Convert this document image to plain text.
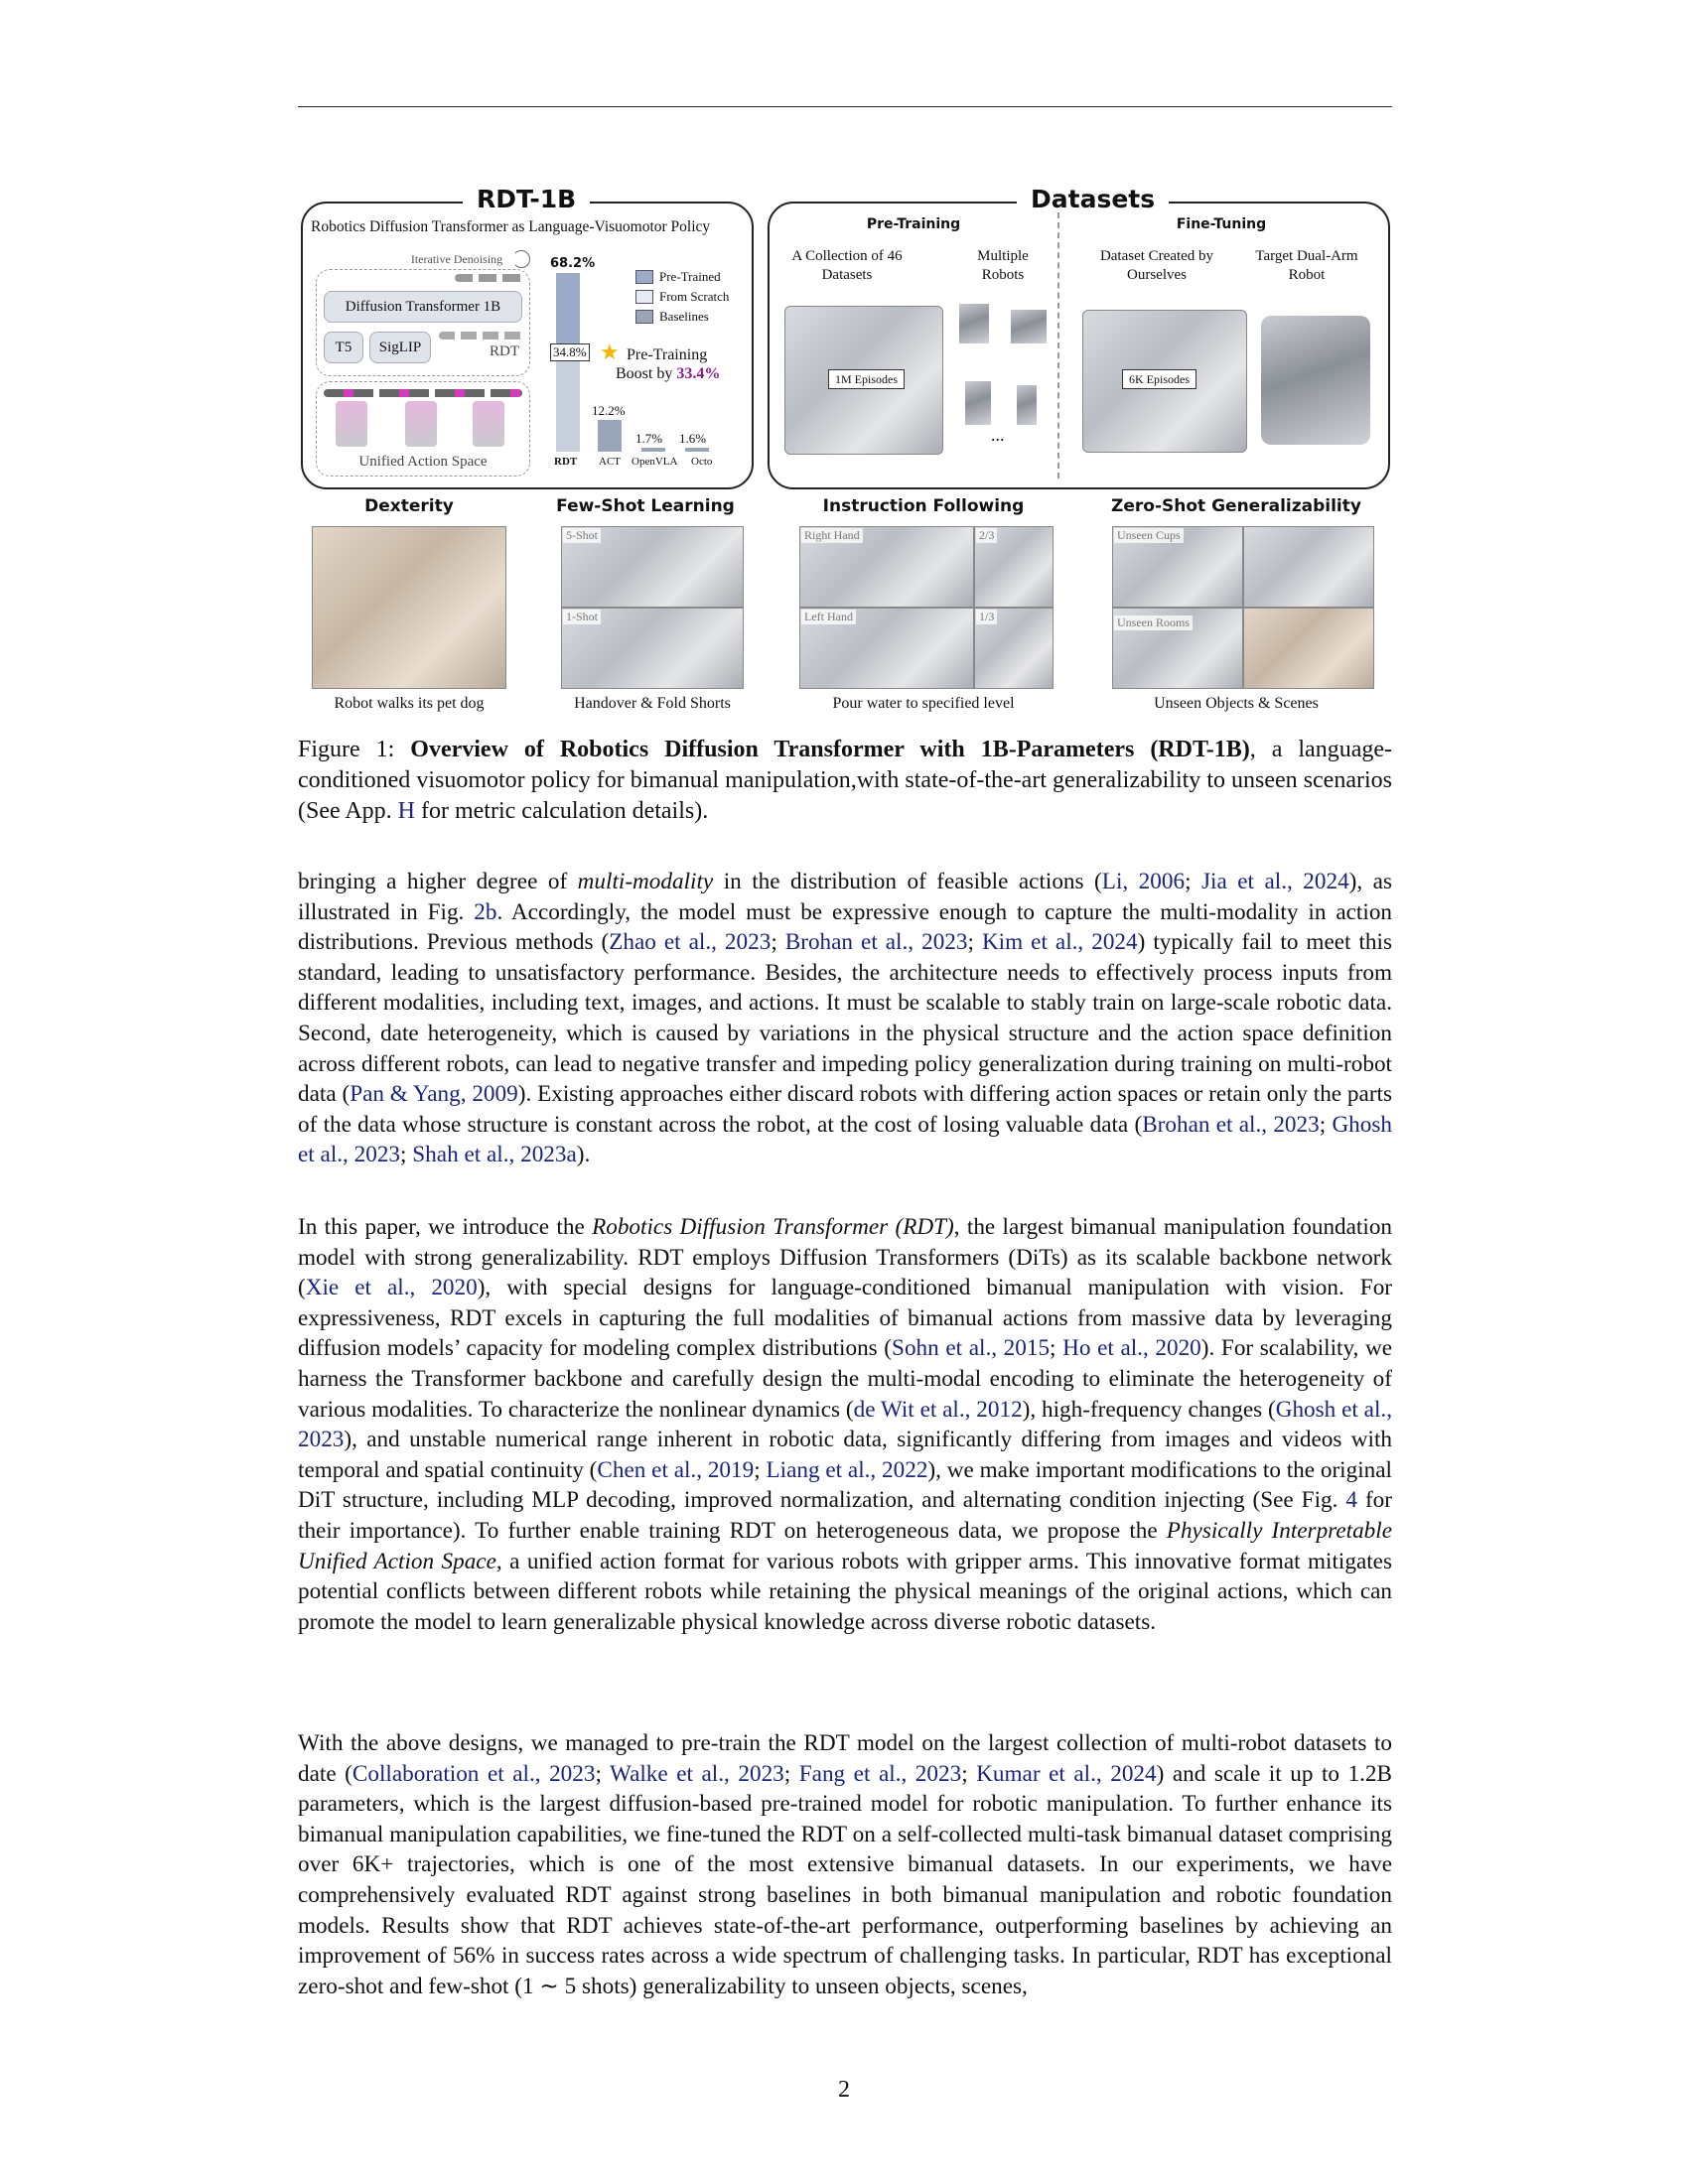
RDT-1B
Robotics Diffusion Transformer as Language-Visuomotor Policy
Iterative Denoising
Diffusion Transformer 1B
T5	SigLIP	RDT
Unified Action Space
68.2%
34.8%
12.2%
1.7% 1.6%
RDT ACT OpenVLA Octo
Pre-Trained
From Scratch
Baselines
★ Pre-Training
Boost by 33.4%
Datasets
Pre-Training	Fine-Tuning
A Collection of 46 Datasets
Multiple Robots
Dataset Created by Ourselves
Target Dual-Arm Robot
1M Episodes
...
6K Episodes
Dexterity	Few-Shot Learning	Instruction Following	Zero-Shot Generalizability
5-Shot
1-Shot
Right Hand
Left Hand
2/3
1/3
Unseen Cups
Unseen Rooms
Robot walks its pet dog	Handover & Fold Shorts	Pour water to specified level	Unseen Objects & Scenes
Figure 1: Overview of Robotics Diffusion Transformer with 1B-Parameters (RDT-1B), a language-conditioned visuomotor policy for bimanual manipulation,with state-of-the-art generalizability to unseen scenarios (See App. H for metric calculation details).
bringing a higher degree of multi-modality in the distribution of feasible actions (Li, 2006; Jia et al., 2024), as illustrated in Fig. 2b. Accordingly, the model must be expressive enough to capture the multi-modality in action distributions. Previous methods (Zhao et al., 2023; Brohan et al., 2023; Kim et al., 2024) typically fail to meet this standard, leading to unsatisfactory performance. Besides, the architecture needs to effectively process inputs from different modalities, including text, images, and actions. It must be scalable to stably train on large-scale robotic data. Second, date heterogeneity, which is caused by variations in the physical structure and the action space definition across different robots, can lead to negative transfer and impeding policy generalization during training on multi-robot data (Pan & Yang, 2009). Existing approaches either discard robots with differing action spaces or retain only the parts of the data whose structure is constant across the robot, at the cost of losing valuable data (Brohan et al., 2023; Ghosh et al., 2023; Shah et al., 2023a).
In this paper, we introduce the Robotics Diffusion Transformer (RDT), the largest bimanual manipulation foundation model with strong generalizability. RDT employs Diffusion Transformers (DiTs) as its scalable backbone network (Xie et al., 2020), with special designs for language-conditioned bimanual manipulation with vision. For expressiveness, RDT excels in capturing the full modalities of bimanual actions from massive data by leveraging diffusion models’ capacity for modeling complex distributions (Sohn et al., 2015; Ho et al., 2020). For scalability, we harness the Transformer backbone and carefully design the multi-modal encoding to eliminate the heterogeneity of various modalities. To characterize the nonlinear dynamics (de Wit et al., 2012), high-frequency changes (Ghosh et al., 2023), and unstable numerical range inherent in robotic data, significantly differing from images and videos with temporal and spatial continuity (Chen et al., 2019; Liang et al., 2022), we make important modifications to the original DiT structure, including MLP decoding, improved normalization, and alternating condition injecting (See Fig. 4 for their importance). To further enable training RDT on heterogeneous data, we propose the Physically Interpretable Unified Action Space, a unified action format for various robots with gripper arms. This innovative format mitigates potential conflicts between different robots while retaining the physical meanings of the original actions, which can promote the model to learn generalizable physical knowledge across diverse robotic datasets.
With the above designs, we managed to pre-train the RDT model on the largest collection of multi-robot datasets to date (Collaboration et al., 2023; Walke et al., 2023; Fang et al., 2023; Kumar et al., 2024) and scale it up to 1.2B parameters, which is the largest diffusion-based pre-trained model for robotic manipulation. To further enhance its bimanual manipulation capabilities, we fine-tuned the RDT on a self-collected multi-task bimanual dataset comprising over 6K+ trajectories, which is one of the most extensive bimanual datasets. In our experiments, we have comprehensively evaluated RDT against strong baselines in both bimanual manipulation and robotic foundation models. Results show that RDT achieves state-of-the-art performance, outperforming baselines by achieving an improvement of 56% in success rates across a wide spectrum of challenging tasks. In particular, RDT has exceptional zero-shot and few-shot (1 ∼ 5 shots) generalizability to unseen objects, scenes,
2
